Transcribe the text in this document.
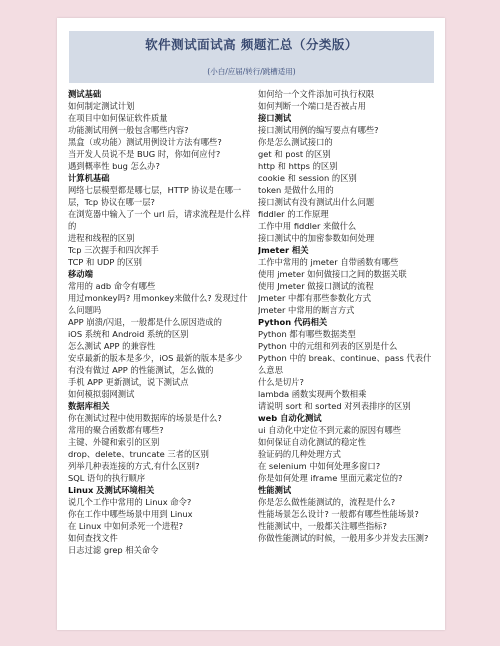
软件测试面试高 频题汇总（分类版）
(小白/应届/转行/跳槽适用)
测试基础
如何制定测试计划
在项目中如何保证软件质量
功能测试用例一般包含哪些内容?
黑盒（或功能）测试用例设计方法有哪些?
当开发人员说不是 BUG 时，你如何应付?
遇到概率性 bug 怎么办?
计算机基础
网络七层模型都是哪七层，HTTP 协议是在哪一层，Tcp 协议在哪一层?
在浏览器中输入了一个 url 后，请求流程是什么样的
进程和线程的区别
Tcp 三次握手和四次挥手
TCP 和 UDP 的区别
移动端
常用的 adb 命令有哪些
用过monkey吗? 用monkey来做什么? 发现过什么问题吗
APP 崩溃/闪退，一般都是什么原因造成的
iOS 系统和 Android 系统的区别
怎么测试 APP 的兼容性
安卓最新的版本是多少，iOS 最新的版本是多少
有没有做过 APP 的性能测试，怎么做的
手机 APP 更新测试，说下测试点
如何模拟弱网测试
数据库相关
你在测试过程中使用数据库的场景是什么?
常用的聚合函数都有哪些?
主键、外键和索引的区别
drop、delete、truncate 三者的区别
列举几种表连接的方式,有什么区别?
SQL 语句的执行顺序
Linux 及测试环境相关
说几个工作中常用的 Linux 命令?
你在工作中哪些场景中用到 Linux
在 Linux 中如何杀死一个进程?
如何查找文件
日志过滤 grep 相关命令
如何给一个文件添加可执行权限
如何判断一个端口是否被占用
接口测试
接口测试用例的编写要点有哪些?
你是怎么测试接口的
get 和 post 的区别
http 和 https 的区别
cookie 和 session 的区别
token 是做什么用的
接口测试有没有测试出什么问题
fiddler 的工作原理
工作中用 fiddler 来做什么
接口测试中的加密参数如何处理
Jmeter 相关
工作中常用的 jmeter 自带函数有哪些
使用 jmeter 如何做接口之间的数据关联
使用 Jmeter 做接口测试的流程
Jmeter 中都有那些参数化方式
Jmeter 中常用的断言方式
Python 代码相关
Python 都有哪些数据类型
Python 中的元组和列表的区别是什么
Python 中的 break、continue、pass 代表什么意思
什么是切片?
lambda 函数实现两个数相乘
请说明 sort 和 sorted 对列表排序的区别
web 自动化测试
ui 自动化中定位不到元素的原因有哪些
如何保证自动化测试的稳定性
验证码的几种处理方式
在 selenium 中如何处理多窗口?
你是如何处理 iframe 里面元素定位的?
性能测试
你是怎么做性能测试的，流程是什么?
性能场景怎么设计? 一般都有哪些性能场景?
性能测试中，一般都关注哪些指标?
你做性能测试的时候，一般用多少并发去压测?
